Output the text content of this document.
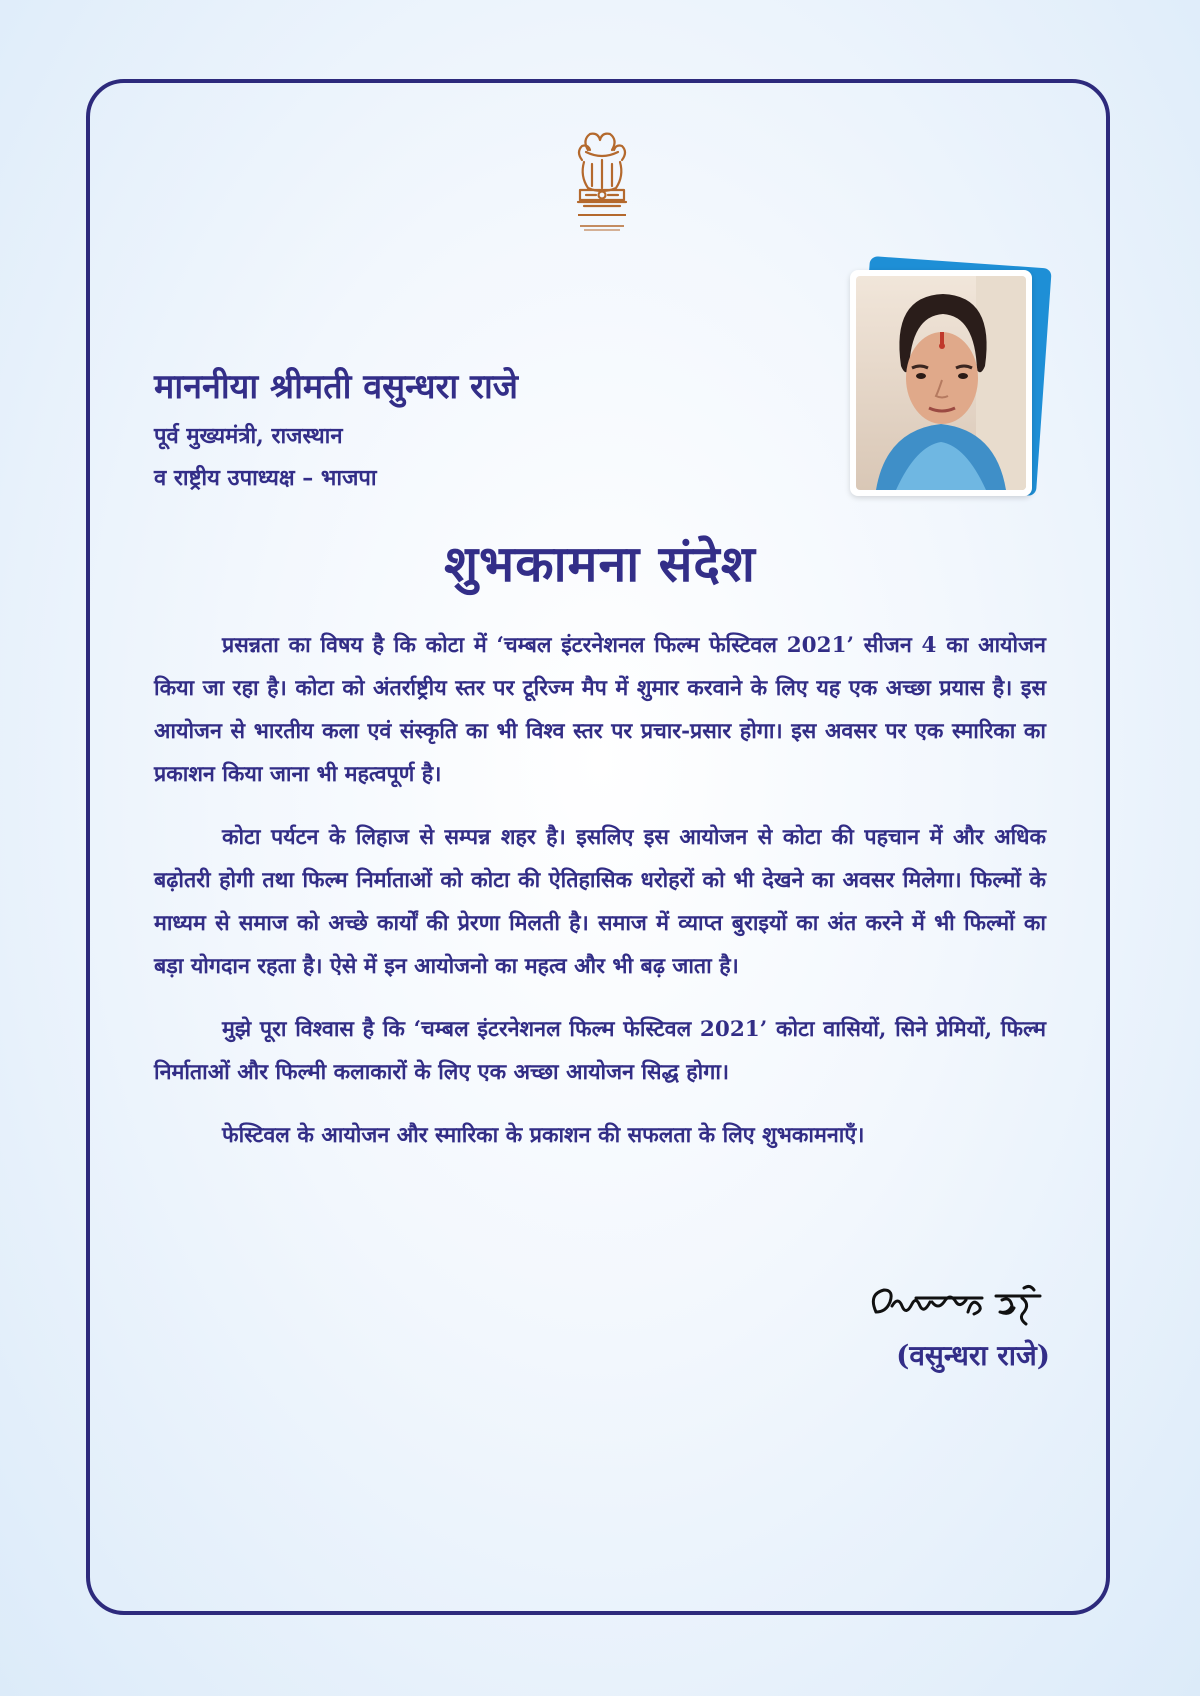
माननीया श्रीमती वसुन्धरा राजे
पूर्व मुख्यमंत्री, राजस्थान
व राष्ट्रीय उपाध्यक्ष – भाजपा
शुभकामना संदेश

प्रसन्नता का विषय है कि कोटा में ‘चम्बल इंटरनेशनल फिल्म फेस्टिवल 2021’ सीजन 4 का आयोजन किया जा रहा है। कोटा को अंतर्राष्ट्रीय स्तर पर टूरिज्म मैप में शुमार करवाने के लिए यह एक अच्छा प्रयास है। इस आयोजन से भारतीय कला एवं संस्कृति का भी विश्व स्तर पर प्रचार-प्रसार होगा। इस अवसर पर एक स्मारिका का प्रकाशन किया जाना भी महत्वपूर्ण है।

कोटा पर्यटन के लिहाज से सम्पन्न शहर है। इसलिए इस आयोजन से कोटा की पहचान में और अधिक बढ़ोतरी होगी तथा फिल्म निर्माताओं को कोटा की ऐतिहासिक धरोहरों को भी देखने का अवसर मिलेगा। फिल्मों के माध्यम से समाज को अच्छे कार्यों की प्रेरणा मिलती है। समाज में व्याप्त बुराइयों का अंत करने में भी फिल्मों का बड़ा योगदान रहता है। ऐसे में इन आयोजनो का महत्व और भी बढ़ जाता है।

मुझे पूरा विश्वास है कि ‘चम्बल इंटरनेशनल फिल्म फेस्टिवल 2021’ कोटा वासियों, सिने प्रेमियों, फिल्म निर्माताओं और फिल्मी कलाकारों के लिए एक अच्छा आयोजन सिद्ध होगा।

फेस्टिवल के आयोजन और स्मारिका के प्रकाशन की सफलता के लिए शुभकामनाएँ।

(वसुन्धरा राजे)
